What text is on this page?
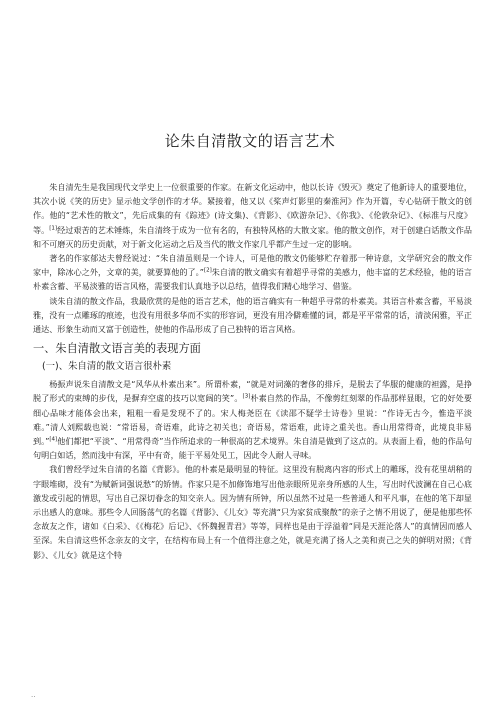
论朱自清散文的语言艺术

朱自清先生是我国现代文学史上一位很重要的作家。在新文化运动中，他以长诗《毁灭》奠定了他新诗人的重要地位，其次小说《笑的历史》显示他文学创作的才华。紧接着，他又以《桨声灯影里的秦淮河》作为开篇，专心钻研于散文的创作。他的“艺术性的散文”，先后成集的有《踪迹》(诗文集)、《背影》、《欧游杂记》、《你我》、《伦敦杂记》、《标准与尺度》等。[1]经过艰苦的艺术锤炼，朱自清终于成为一位有名的，有独特风格的大散文家。他的散文创作，对于创建白话散文作品和不可磨灭的历史贡献，对于新文化运动之后及当代的散文作家几乎都产生过一定的影响。

著名的作家郁达夫曾经说过：“朱自清虽则是一个诗人，可是他的散文仍能够贮存着那一种诗意，文学研究会的散文作家中，除冰心之外，文章的美，就要算他的了。”[2]朱自清的散文确实有着超乎寻常的美感力，他丰富的艺术经验，他的语言朴素含蓄、平易淡雅的语言风格，需要我们认真地予以总结，值得我们精心地学习、借鉴。

谈朱自清的散文作品，我最欣赏的是他的语言艺术，他的语言确实有一种超乎寻常的朴素美。其语言朴素含蓄，平易淡雅，没有一点雕琢的痕迹，也没有用很多华而不实的形容词，更没有用冷僻难懂的词，都是平平常常的话，清淡闲雅，平正通达、形象生动而又富于创造性，使他的作品形成了自己独特的语言风格。

一、朱自清散文语言美的表现方面
(一)、朱自清的散文语言很朴素

杨振声说朱自清散文是“风华从朴素出来”。所谓朴素，“就是对词藻的奢侈的排斥，是脱去了华服的健康的袒露，是挣脱了形式的束缚的步伐，是摒弃空虚的技巧以宽阔的笑”。[3]朴素自然的作品，不像剪红刻翠的作品那样显眼，它的好处要细心品味才能体会出来，粗粗一看是发现不了的。宋人梅尧臣在《读邵不疑学士诗卷》里说：“作诗无古今，惟造平淡难。”清人刘熙载也说：“常语易，奇语难，此诗之初关也；奇语易，常语难，此诗之重关也。香山用常得奇，此境良非易到。”[4]他们都把“平淡”、“用常得奇”当作所追求的一种很高的艺术境界。朱自清是做到了这点的。从表面上看，他的作品句句明白如话，然而浅中有深，平中有奇，能于平易处见工，因此令人耐人寻味。

我们曾经学过朱自清的名篇《背影》。他的朴素是最明显的特征。这里没有脱离内容的形式上的雕琢，没有花里胡稍的字眼堆砌，没有“为赋新词强说愁”的矫情。作家只是不加修饰地写出他亲眼所见亲身所感的人生，写出时代波澜在自己心底激发或引起的情思，写出自己深切眷念的知交亲人。因为情有所钟，所以虽然不过是一些普通人和平凡事，在他的笔下却显示出感人的意味。那些令人回肠荡气的名篇《背影》、《儿女》等充满“只为家贫成聚散”的亲子之情不用说了，便是他那些怀念故友之作，诸如《白采》、《《梅花》后记》、《怀魏握青君》等等，同样也是由于浮溢着“同是天涯沦落人”的真情因而感人至深。朱自清这些怀念亲友的文字，在结构布局上有一个值得注意之处，就是充满了扬人之美和责己之失的鲜明对照；《背影》、《儿女》就是这个特

..
